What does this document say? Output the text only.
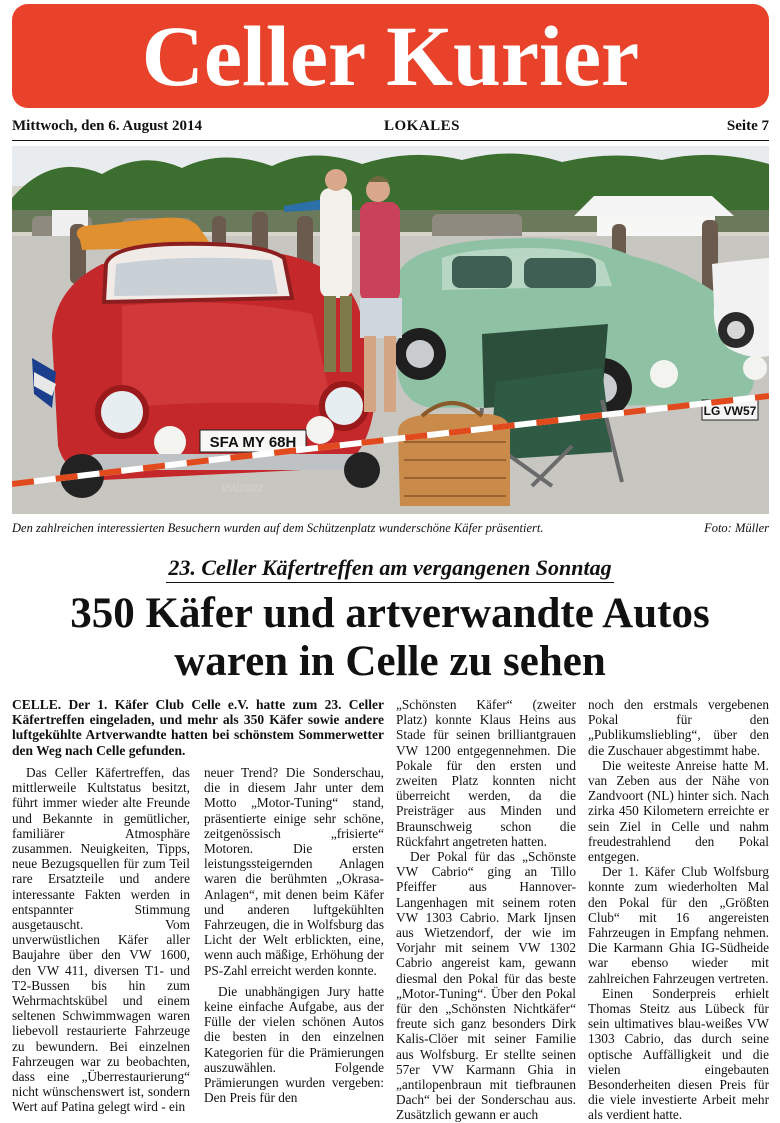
Celler Kurier
Mittwoch, den 6. August 2014	LOKALES	Seite 7
LG VW57
SFA MY 68H
VW2002
Den zahlreichen interessierten Besuchern wurden auf dem Schützenplatz wunderschöne Käfer präsentiert.	Foto: Müller
23. Celler Käfertreffen am vergangenen Sonntag
350 Käfer und artverwandte Autos
waren in Celle zu sehen
CELLE. Der 1. Käfer Club Celle e.V. hatte zum 23. Celler Käfertreffen eingeladen, und mehr als 350 Käfer sowie andere luftgekühlte Artverwandte hatten bei schönstem Sommerwetter den Weg nach Celle gefunden.

Das Celler Käfertreffen, das mittlerweile Kultstatus besitzt, führt immer wieder alte Freunde und Bekannte in gemütlicher, familiärer Atmosphäre zusammen. Neuigkeiten, Tipps, neue Bezugsquellen für zum Teil rare Ersatzteile und andere interessante Fakten werden in entspannter Stimmung ausgetauscht. Vom unverwüstlichen Käfer aller Baujahre über den VW 1600, den VW 411, diversen T1- und T2-Bussen bis hin zum Wehrmachtskübel und einem seltenen Schwimmwagen waren liebevoll restaurierte Fahrzeuge zu bewundern. Bei einzelnen Fahrzeugen war zu beobachten, dass eine „Überrestaurierung“ nicht wünschenswert ist, sondern Wert auf Patina gelegt wird - ein

neuer Trend? Die Sonderschau, die in diesem Jahr unter dem Motto „Motor-Tuning“ stand, präsentierte einige sehr schöne, zeitgenössisch „frisierte“ Motoren. Die ersten leistungssteigernden Anlagen waren die berühmten „Okrasa-Anlagen“, mit denen beim Käfer und anderen luftgekühlten Fahrzeugen, die in Wolfsburg das Licht der Welt erblickten, eine, wenn auch mäßige, Erhöhung der PS-Zahl erreicht werden konnte.

Die unabhängigen Jury hatte keine einfache Aufgabe, aus der Fülle der vielen schönen Autos die besten in den einzelnen Kategorien für die Prämierungen auszuwählen. Folgende Prämierungen wurden vergeben: Den Preis für den

„Schönsten Käfer“ (zweiter Platz) konnte Klaus Heins aus Stade für seinen brilliantgrauen VW 1200 entgegennehmen. Die Pokale für den ersten und zweiten Platz konnten nicht überreicht werden, da die Preisträger aus Minden und Braunschweig schon die Rückfahrt angetreten hatten.

Der Pokal für das „Schönste VW Cabrio“ ging an Tillo Pfeiffer aus Hannover-Langenhagen mit seinem roten VW 1303 Cabrio. Mark Ijnsen aus Wietzendorf, der wie im Vorjahr mit seinem VW 1302 Cabrio angereist kam, gewann diesmal den Pokal für das beste „Motor-Tuning“. Über den Pokal für den „Schönsten Nichtkäfer“ freute sich ganz besonders Dirk Kalis-Clöer mit seiner Familie aus Wolfsburg. Er stellte seinen 57er VW Karmann Ghia in „antilopenbraun mit tiefbraunen Dach“ bei der Sonderschau aus. Zusätzlich gewann er auch

noch den erstmals vergebenen Pokal für den „Publikumsliebling“, über den die Zuschauer abgestimmt habe.

Die weiteste Anreise hatte M. van Zeben aus der Nähe von Zandvoort (NL) hinter sich. Nach zirka 450 Kilometern erreichte er sein Ziel in Celle und nahm freudestrahlend den Pokal entgegen.

Der 1. Käfer Club Wolfsburg konnte zum wiederholten Mal den Pokal für den „Größten Club“ mit 16 angereisten Fahrzeugen in Empfang nehmen. Die Karmann Ghia IG-Südheide war ebenso wieder mit zahlreichen Fahrzeugen vertreten.

Einen Sonderpreis erhielt Thomas Steitz aus Lübeck für sein ultimatives blau-weißes VW 1303 Cabrio, das durch seine optische Auffälligkeit und die vielen eingebauten Besonderheiten diesen Preis für die viele investierte Arbeit mehr als verdient hatte.
